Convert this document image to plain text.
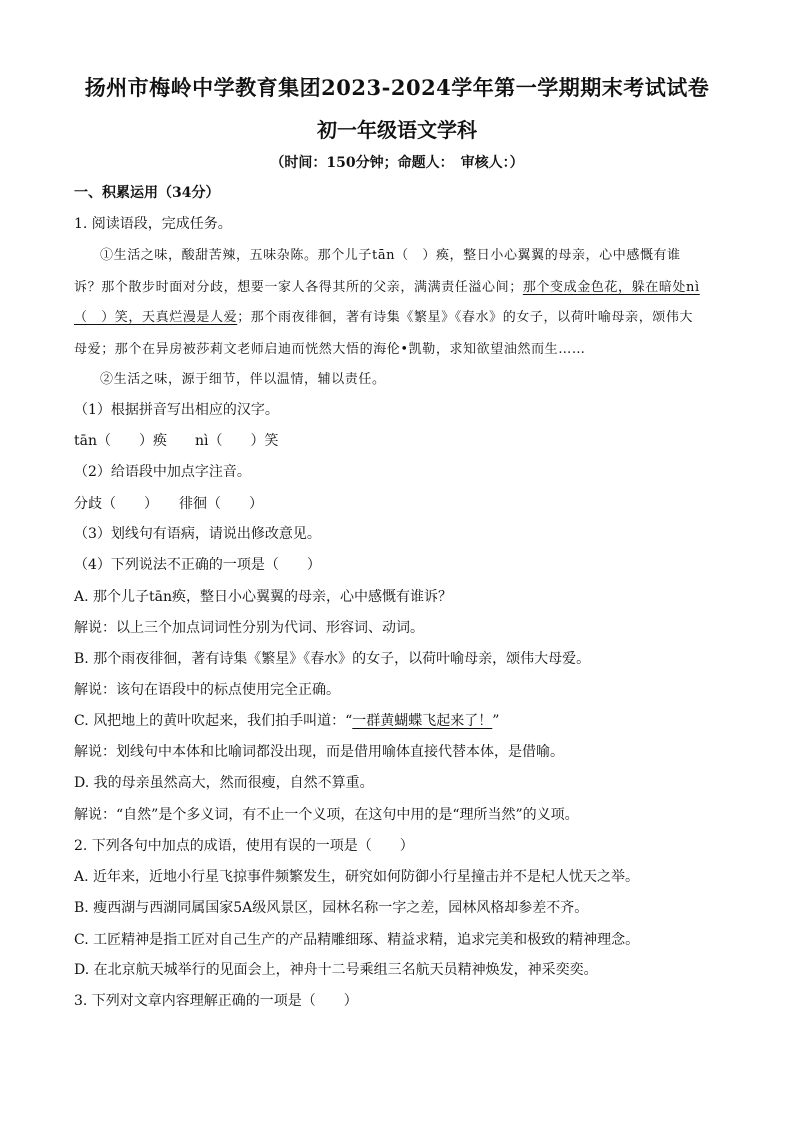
扬州市梅岭中学教育集团2023-2024学年第一学期期末考试试卷
初一年级语文学科
（时间：150分钟；命题人：　审核人：）
一、积累运用（34分）
1. 阅读语段，完成任务。
①生活之味，酸甜苦辣，五味杂陈。那个儿子tān（　）痪，整日小心翼翼的母亲，心中感慨有谁
诉？那个散步时面对分歧，想要一家人各得其所的父亲，满满责任溢心间；那个变成金色花，躲在暗处nì
（　）笑，天真烂漫是人爱；那个雨夜徘徊，著有诗集《繁星》《春水》的女子，以荷叶喻母亲，颂伟大
母爱；那个在异房被莎莉文老师启迪而恍然大悟的海伦•凯勒，求知欲望油然而生……
②生活之味，源于细节，伴以温情，辅以责任。
（1）根据拼音写出相应的汉字。
tān（　　）痪　　nì（　　）笑
（2）给语段中加点字注音。
分歧（　　）　　徘徊（　　）
（3）划线句有语病，请说出修改意见。
（4）下列说法不正确的一项是（　　）
A. 那个儿子tān痪，整日小心翼翼的母亲，心中感慨有谁诉？
解说：以上三个加点词词性分别为代词、形容词、动词。
B. 那个雨夜徘徊，著有诗集《繁星》《春水》的女子，以荷叶喻母亲，颂伟大母爱。
解说：该句在语段中的标点使用完全正确。
C. 风把地上的黄叶吹起来，我们拍手叫道：“一群黄蝴蝶飞起来了！”
解说：划线句中本体和比喻词都没出现，而是借用喻体直接代替本体，是借喻。
D. 我的母亲虽然高大，然而很瘦，自然不算重。
解说：“自然”是个多义词，有不止一个义项，在这句中用的是“理所当然”的义项。
2. 下列各句中加点的成语，使用有误的一项是（　　）
A. 近年来，近地小行星飞掠事件频繁发生，研究如何防御小行星撞击并不是杞人忧天之举。
B. 瘦西湖与西湖同属国家5A级风景区，园林名称一字之差，园林风格却参差不齐。
C. 工匠精神是指工匠对自己生产的产品精雕细琢、精益求精，追求完美和极致的精神理念。
D. 在北京航天城举行的见面会上，神舟十二号乘组三名航天员精神焕发，神采奕奕。
3. 下列对文章内容理解正确的一项是（　　）
